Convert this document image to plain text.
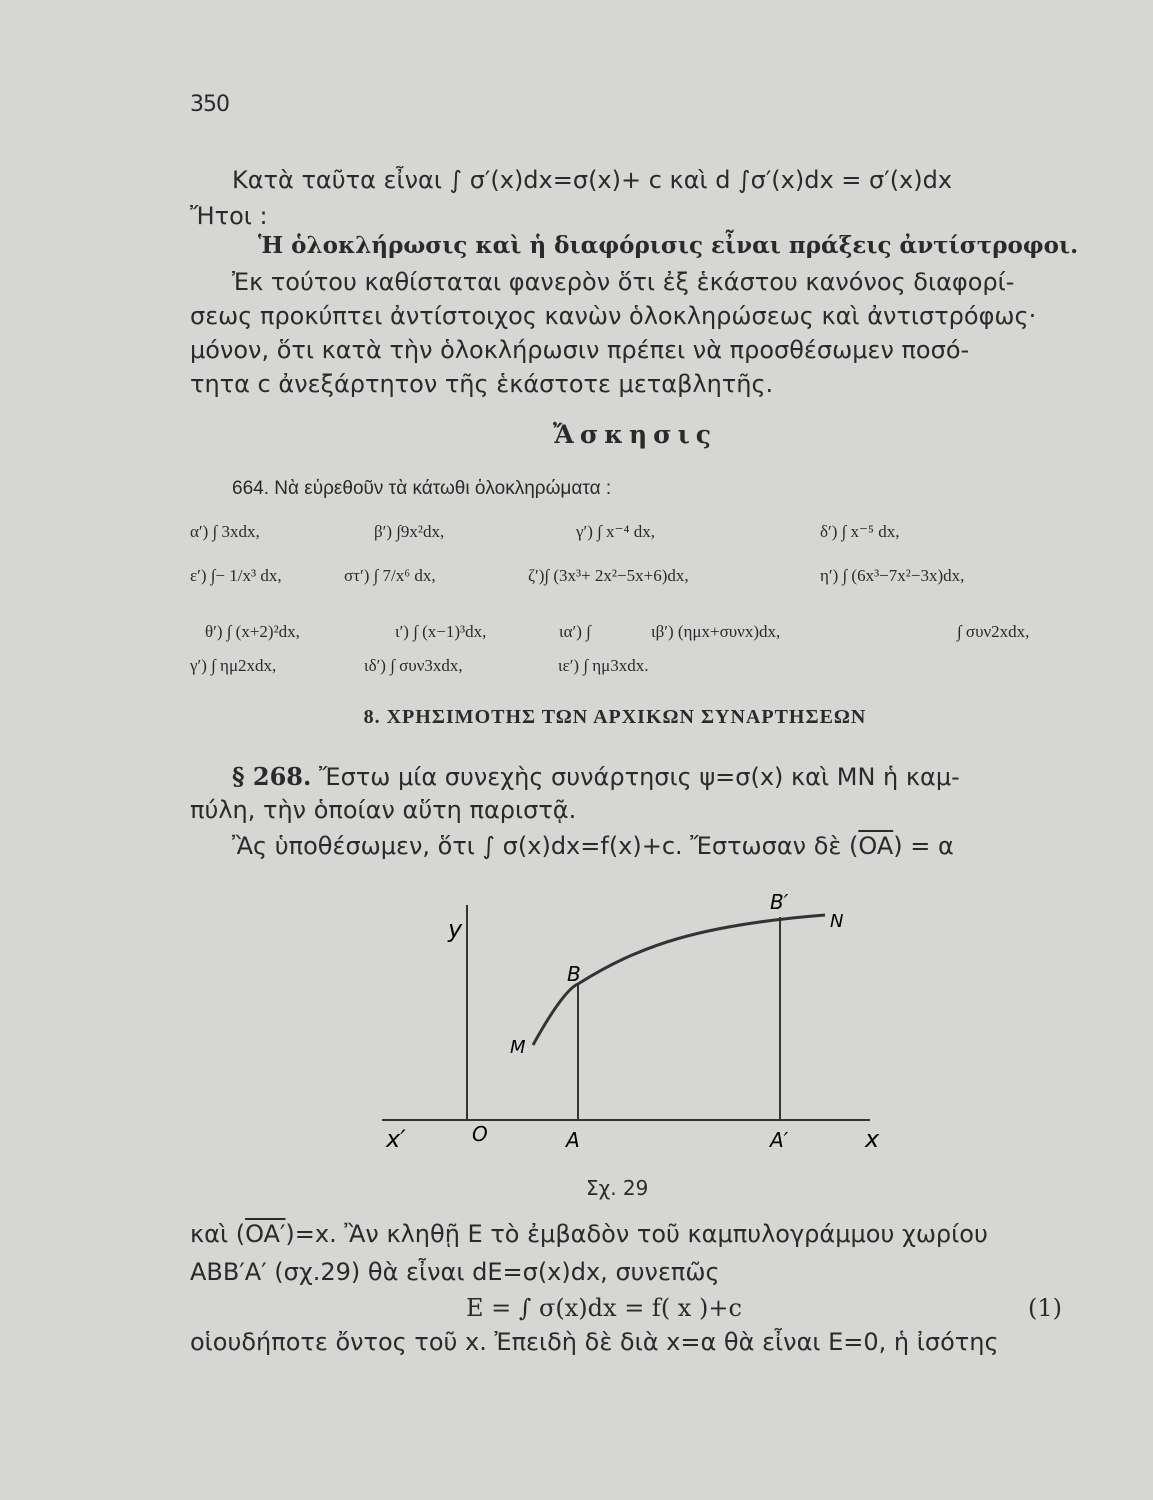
350
Κατὰ ταῦτα εἶναι ∫ σ′(x)dx=σ(x)+ c καὶ d ∫σ′(x)dx = σ′(x)dx
Ἤτοι :
Ἡ ὁλοκλήρωσις καὶ ἡ διαφόρισις εἶναι πράξεις ἀντίστροφοι.
Ἐκ τούτου καθίσταται φανερὸν ὅτι ἐξ ἑκάστου κανόνος διαφορί-
σεως προκύπτει ἀντίστοιχος κανὼν ὁλοκληρώσεως καὶ ἀντιστρόφως·
μόνον, ὅτι κατὰ τὴν ὁλοκλήρωσιν πρέπει νὰ προσθέσωμεν ποσό-
τητα c ἀνεξάρτητον τῆς ἑκάστοτε μεταβλητῆς.
Ἄσκησις
664. Νὰ εὑρεθοῦν τὰ κάτωθι ὁλοκληρώματα :
α′) ∫ 3xdx,	β′) ∫9x²dx,	γ′) ∫ x⁻⁴ dx,	δ′) ∫ x⁻⁵ dx,
ε′) ∫− 1/x³ dx,	στ′) ∫ 7/x⁶ dx,	ζ′)∫ (3x³+ 2x²−5x+6)dx,	η′) ∫ (6x³−7x²−3x)dx,
θ′) ∫ (x+2)²dx,	ι′) ∫ (x−1)³dx,	ια′) ∫	ιβ′) (ημx+συνx)dx,	∫ συν2xdx,
γ′) ∫ ημ2xdx,	ιδ′) ∫ συν3xdx,	ιε′) ∫ ημ3xdx.
8. ΧΡΗΣΙΜΟΤΗΣ ΤΩΝ ΑΡΧΙΚΩΝ ΣΥΝΑΡΤΗΣΕΩΝ
§ 268. Ἔστω μία συνεχὴς συνάρτησις ψ=σ(x) καὶ MN ἡ καμ-
πύλη, τὴν ὁποίαν αὕτη παριστᾷ.
Ἂς ὑποθέσωμεν, ὅτι ∫ σ(x)dx=f(x)+c. Ἔστωσαν δὲ $(\overline{OA}) = \alpha$
y
x
x′	O	A	A′
B
B′
M
N
Σχ. 29
καὶ (OA′)=x. Ἂν κληθῇ E τὸ ἐμβαδὸν τοῦ καμπυλογράμμου χωρίου
ABB′A′ (σχ.29) θὰ εἶναι dE=σ(x)dx, συνεπῶς
E = ∫ σ(x)dx = f( x )+c	(1)
οἱουδήποτε ὄντος τοῦ x. Ἐπειδὴ δὲ διὰ x=α θὰ εἶναι E=0, ἡ ἰσότης
